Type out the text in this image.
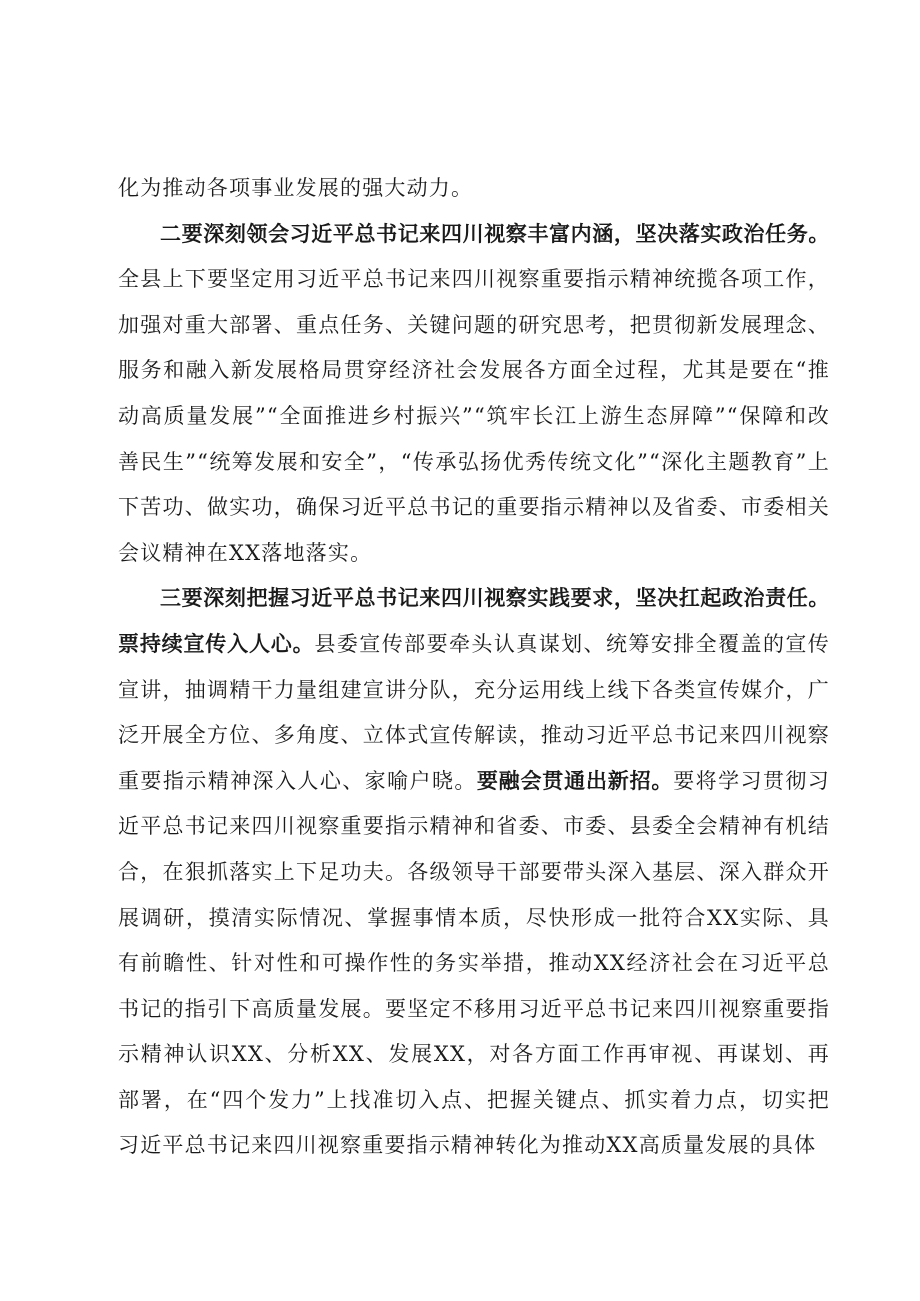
化为推动各项事业发展的强大动力。

二要深刻领会习近平总书记来四川视察丰富内涵，坚决落实政治任务。全县上下要坚定用习近平总书记来四川视察重要指示精神统揽各项工作，加强对重大部署、重点任务、关键问题的研究思考，把贯彻新发展理念、服务和融入新发展格局贯穿经济社会发展各方面全过程，尤其是要在“推动高质量发展”“全面推进乡村振兴”“筑牢长江上游生态屏障”“保障和改善民生”“统筹发展和安全”，“传承弘扬优秀传统文化”“深化主题教育”上下苦功、做实功，确保习近平总书记的重要指示精神以及省委、市委相关会议精神在XX落地落实。

三要深刻把握习近平总书记来四川视察实践要求，坚决扛起政治责任。票持续宣传入人心。县委宣传部要牵头认真谋划、统筹安排全覆盖的宣传宣讲，抽调精干力量组建宣讲分队，充分运用线上线下各类宣传媒介，广泛开展全方位、多角度、立体式宣传解读，推动习近平总书记来四川视察重要指示精神深入人心、家喻户晓。要融会贯通出新招。要将学习贯彻习近平总书记来四川视察重要指示精神和省委、市委、县委全会精神有机结合，在狠抓落实上下足功夫。各级领导干部要带头深入基层、深入群众开展调研，摸清实际情况、掌握事情本质，尽快形成一批符合XX实际、具有前瞻性、针对性和可操作性的务实举措，推动XX经济社会在习近平总书记的指引下高质量发展。要坚定不移用习近平总书记来四川视察重要指示精神认识XX、分析XX、发展XX，对各方面工作再审视、再谋划、再部署，在“四个发力”上找准切入点、把握关键点、抓实着力点，切实把习近平总书记来四川视察重要指示精神转化为推动XX高质量发展的具体
